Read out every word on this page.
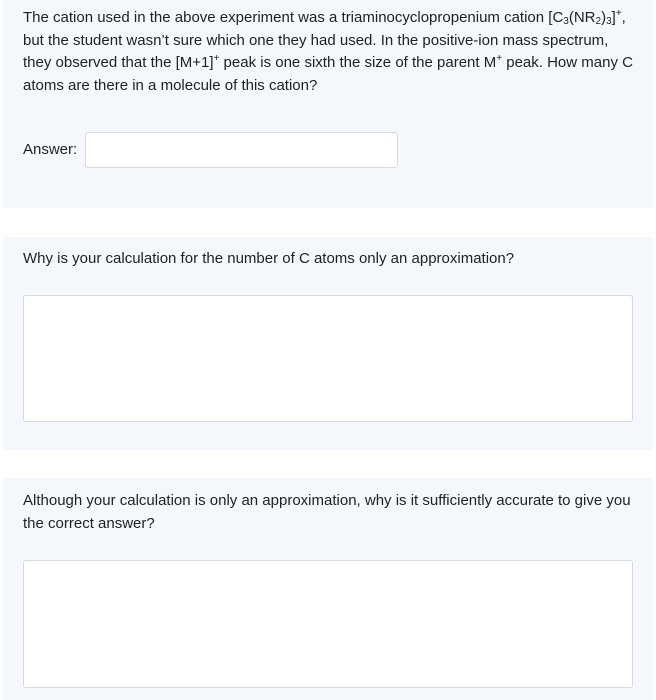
The cation used in the above experiment was a triaminocyclopropenium cation $[C_3(NR_2)_3]^+$, but the student wasn’t sure which one they had used. In the positive-ion mass spectrum, they observed that the [M+1]+ peak is one sixth the size of the parent M+ peak. How many C atoms are there in a molecule of this cation?

Answer:

Why is your calculation for the number of C atoms only an approximation?

Although your calculation is only an approximation, why is it sufficiently accurate to give you the correct answer?
